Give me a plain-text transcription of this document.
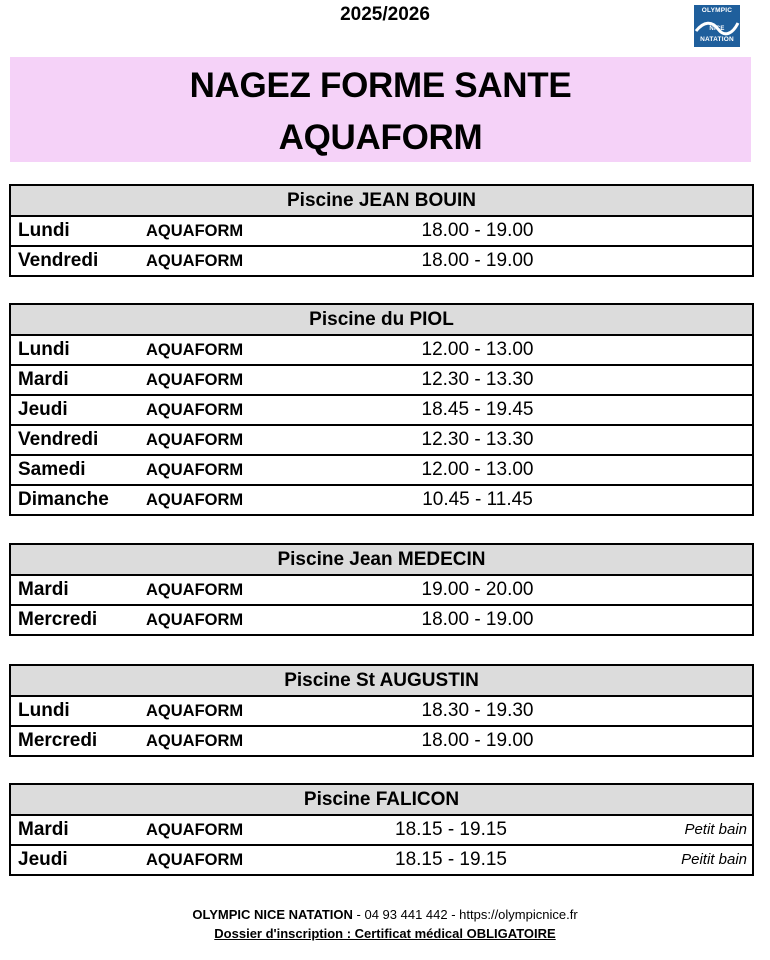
2025/2026	OLYMPIC
NICE
NATATION
NAGEZ FORME SANTE
AQUAFORM
Piscine JEAN BOUIN
Lundi	AQUAFORM	18.00 - 19.00
Vendredi	AQUAFORM	18.00 - 19.00
Piscine du PIOL
Lundi	AQUAFORM	12.00 - 13.00
Mardi	AQUAFORM	12.30 - 13.30
Jeudi	AQUAFORM	18.45 - 19.45
Vendredi	AQUAFORM	12.30 - 13.30
Samedi	AQUAFORM	12.00 - 13.00
Dimanche AQUAFORM	10.45 - 11.45
Piscine Jean MEDECIN
Mardi	AQUAFORM	19.00 - 20.00
Mercredi	AQUAFORM	18.00 - 19.00
Piscine St AUGUSTIN
Lundi	AQUAFORM	18.30 - 19.30
Mercredi	AQUAFORM	18.00 - 19.00
Piscine FALICON
Mardi	AQUAFORM	18.15 - 19.15	Petit bain
Jeudi	AQUAFORM	18.15 - 19.15	Peitit bain
OLYMPIC NICE NATATION - 04 93 441 442 - https://olympicnice.fr
Dossier d'inscription : Certificat médical OBLIGATOIRE
